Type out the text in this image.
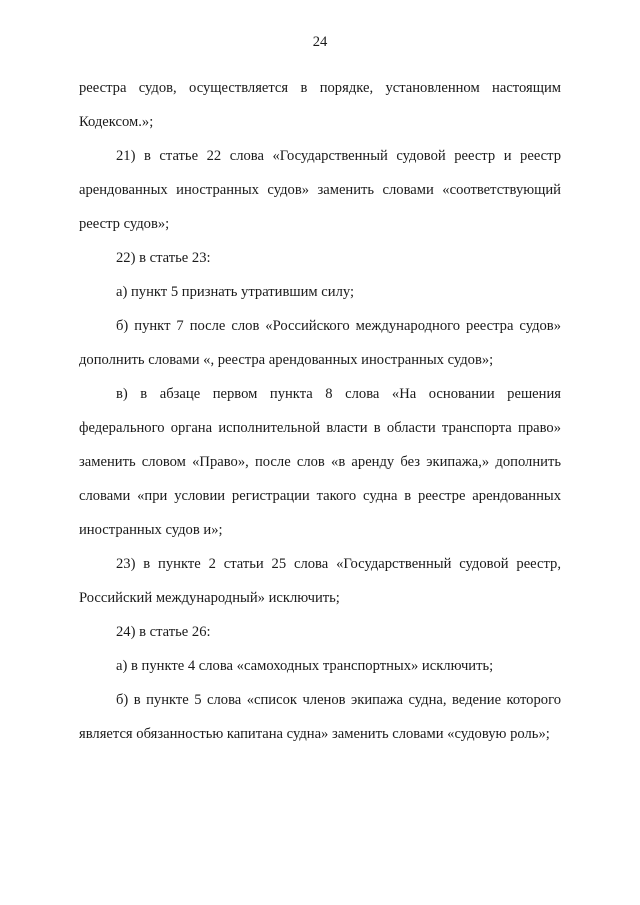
24

реестра судов, осуществляется в порядке, установленном настоящим Кодексом.»;

21) в статье 22 слова «Государственный судовой реестр и реестр арендованных иностранных судов» заменить словами «соответствующий реестр судов»;

22) в статье 23:

а) пункт 5 признать утратившим силу;

б) пункт 7 после слов «Российского международного реестра судов» дополнить словами «, реестра арендованных иностранных судов»;

в) в абзаце первом пункта 8 слова «На основании решения федерального органа исполнительной власти в области транспорта право» заменить словом «Право», после слов «в аренду без экипажа,» дополнить словами «при условии регистрации такого судна в реестре арендованных иностранных судов и»;

23) в пункте 2 статьи 25 слова «Государственный судовой реестр, Российский международный» исключить;

24) в статье 26:

а) в пункте 4 слова «самоходных транспортных» исключить;

б) в пункте 5 слова «список членов экипажа судна, ведение которого является обязанностью капитана судна» заменить словами «судовую роль»;
